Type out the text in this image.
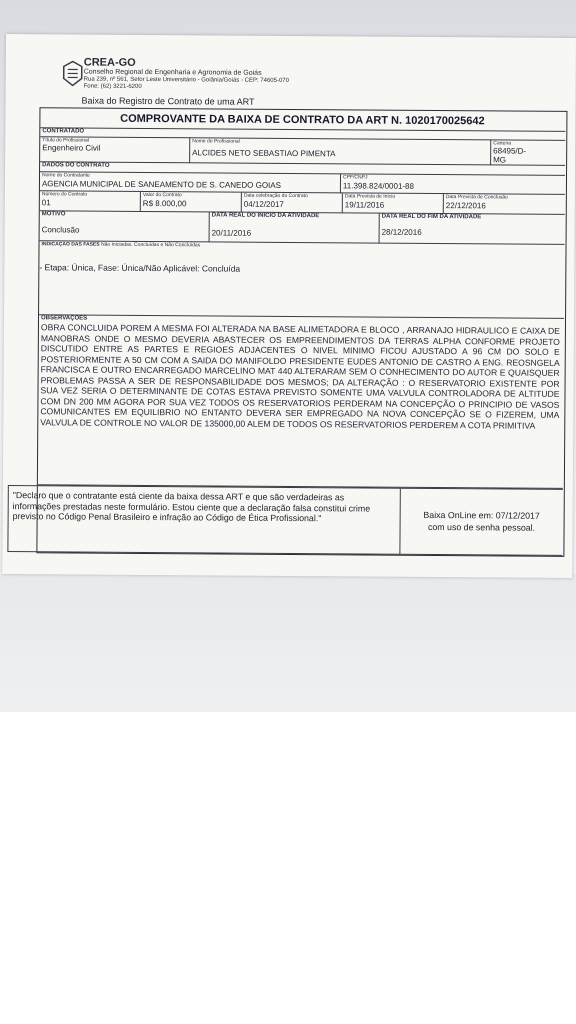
CREA-GO
Conselho Regional de Engenharia e Agronomia de Goiás
Rua 239, nº 561, Setor Leste Universitário - Goiânia/Goiás - CEP: 74605-070
Fone: (62) 3221-6200
Baixa do Registro de Contrato de uma ART
COMPROVANTE DA BAIXA DE CONTRATO DA ART N. 1020170025642
CONTRATADO
Título do Profissional
Engenheiro Civil
Nome do Profissional
ALCIDES NETO SEBASTIAO PIMENTA
Carteira
68495/D-
MG
DADOS DO CONTRATO
Nome do Contratante
AGENCIA MUNICIPAL DE SANEAMENTO DE S. CANEDO GOIAS
CPF/CNPJ
11.398.824/0001-88
Número do Contrato
01
Valor do Contrato
R$ 8.000,00
Data celebração do Contrato
04/12/2017
Data Prevista de Início
19/11/2016
Data Prevista de Conclusão
22/12/2016
MOTIVO
Conclusão
DATA REAL DO INICIO DA ATIVIDADE
20/11/2016
DATA REAL DO FIM DA ATIVIDADE
28/12/2016
INDICAÇÃO DAS FASES Não Iniciadas, Concluídas e Não Concluídas
- Etapa: Única, Fase: Única/Não Aplicável: Concluída
OBSERVAÇÕES
OBRA CONCLUIDA POREM A MESMA FOI ALTERADA NA BASE ALIMETADORA E BLOCO , ARRANAJO HIDRAULICO E CAIXA DE MANOBRAS ONDE O MESMO DEVERIA ABASTECER OS EMPREENDIMENTOS DA TERRAS ALPHA CONFORME PROJETO DISCUTIDO ENTRE AS PARTES E REGIOES ADJACENTES O NIVEL MINIMO FICOU AJUSTADO A 96 CM DO SOLO E POSTERIORMENTE A 50 CM COM A SAIDA DO MANIFOLDO PRESIDENTE EUDES ANTONIO DE CASTRO A ENG. REOSNGELA FRANCISCA E OUTRO ENCARREGADO MARCELINO MAT 440 ALTERARAM SEM O CONHECIMENTO DO AUTOR E QUAISQUER PROBLEMAS PASSA A SER DE RESPONSABILIDADE DOS MESMOS; DA ALTERAÇÃO : O RESERVATORIO EXISTENTE POR SUA VEZ SERIA O DETERMINANTE DE COTAS ESTAVA PREVISTO SOMENTE UMA VALVULA CONTROLADORA DE ALTITUDE COM DN 200 MM AGORA POR SUA VEZ TODOS OS RESERVATORIOS PERDERAM NA CONCEPÇÃO O PRINCIPIO DE VASOS COMUNICANTES EM EQUILIBRIO NO ENTANTO DEVERA SER EMPREGADO NA NOVA CONCEPÇÃO SE O FIZEREM, UMA VALVULA DE CONTROLE NO VALOR DE 135000,00 ALEM DE TODOS OS RESERVATORIOS PERDEREM A COTA PRIMITIVA
"Declaro que o contratante está ciente da baixa dessa ART e que são verdadeiras as informações prestadas neste formulário. Estou ciente que a declaração falsa constitui crime previsto no Código Penal Brasileiro e infração ao Código de Ética Profissional."	Baixa OnLine em: 07/12/2017
com uso de senha pessoal.
